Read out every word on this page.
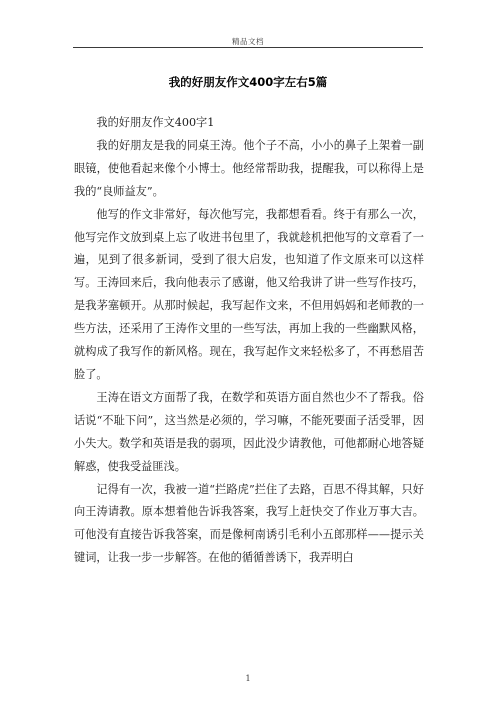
精品文档
我的好朋友作文400字左右5篇

我的好朋友作文400字1

我的好朋友是我的同桌王涛。他个子不高，小小的鼻子上架着一副眼镜，使他看起来像个小博士。他经常帮助我，提醒我，可以称得上是我的“良师益友”。

他写的作文非常好，每次他写完，我都想看看。终于有那么一次，他写完作文放到桌上忘了收进书包里了，我就趁机把他写的文章看了一遍，见到了很多新词，受到了很大启发，也知道了作文原来可以这样写。王涛回来后，我向他表示了感谢，他又给我讲了讲一些写作技巧，是我茅塞顿开。从那时候起，我写起作文来，不但用妈妈和老师教的一些方法，还采用了王涛作文里的一些写法，再加上我的一些幽默风格，就构成了我写作的新风格。现在，我写起作文来轻松多了，不再愁眉苦脸了。

王涛在语文方面帮了我，在数学和英语方面自然也少不了帮我。俗话说“不耻下问”，这当然是必须的，学习嘛，不能死要面子活受罪，因小失大。数学和英语是我的弱项，因此没少请教他，可他都耐心地答疑解惑，使我受益匪浅。

记得有一次，我被一道“拦路虎”拦住了去路，百思不得其解，只好向王涛请教。原本想着他告诉我答案，我写上赶快交了作业万事大吉。可他没有直接告诉我答案，而是像柯南诱引毛利小五郎那样——提示关键词，让我一步一步解答。在他的循循善诱下，我弄明白

1
